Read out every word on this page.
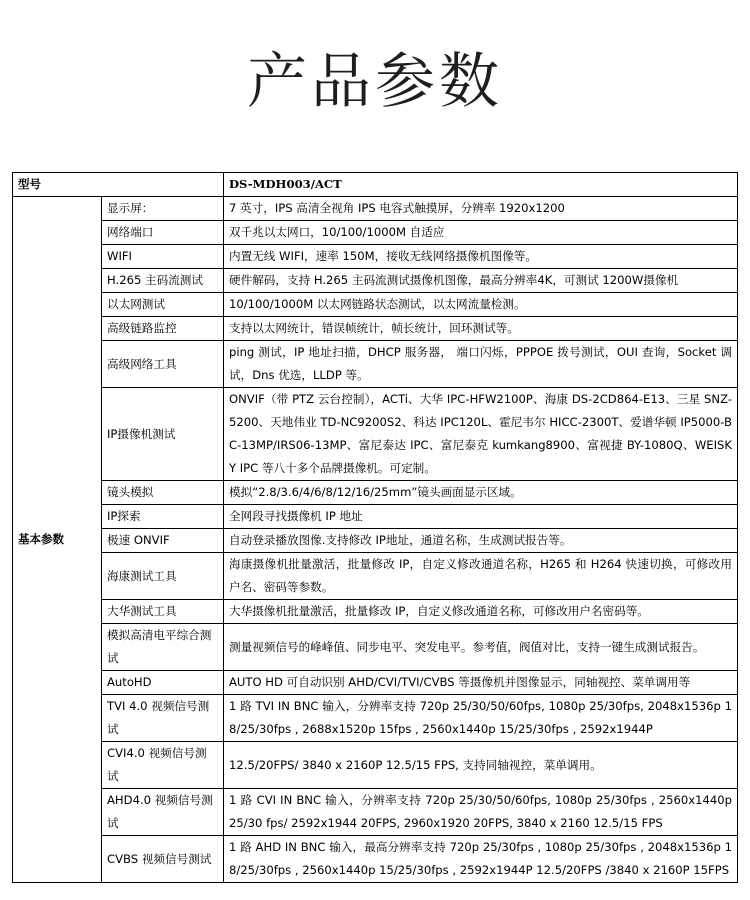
产品参数
型号		DS-MDH003/ACT
基本参数	显示屏：	7 英寸，IPS 高清全视角 IPS 电容式触摸屏，分辨率 1920x1200
	网络端口	双千兆以太网口，10/100/1000M 自适应
	WIFI	内置无线 WIFI，速率 150M，接收无线网络摄像机图像等。
	H.265 主码流测试	硬件解码，支持 H.265 主码流测试摄像机图像，最高分辨率4K，可测试 1200W摄像机
	以太网测试	10/100/1000M 以太网链路状态测试，以太网流量检测。
	高级链路监控	支持以太网统计，错误帧统计，帧长统计，回环测试等。
	高级网络工具	ping 测试，IP 地址扫描，DHCP 服务器， 端口闪烁，PPPOE 拨号测试，OUI 查询，Socket 调试，Dns 优选，LLDP 等。
	IP摄像机测试	ONVIF（带 PTZ 云台控制），ACTi、大华 IPC-HFW2100P、海康 DS-2CD864-E13、三星 SNZ-5200、天地伟业 TD-NC9200S2、科达 IPC120L、霍尼韦尔 HICC-2300T、爱谱华顿 IP5000-BC-13MP/IRS06-13MP、富尼泰达 IPC、富尼泰克 kumkang8900、富视捷 BY-1080Q、WEISKY IPC 等八十多个品牌摄像机。可定制。
	镜头模拟	模拟“2.8/3.6/4/6/8/12/16/25mm”镜头画面显示区域。
	IP探索	全网段寻找摄像机 IP 地址
	极速 ONVIF	自动登录播放图像.支持修改 IP地址，通道名称，生成测试报告等。
	海康测试工具	海康摄像机批量激活，批量修改 IP，自定义修改通道名称，H265 和 H264 快速切换，可修改用户名、密码等参数。
	大华测试工具	大华摄像机批量激活，批量修改 IP，自定义修改通道名称，可修改用户名密码等。
	模拟高清电平综合测试	测量视频信号的峰峰值、同步电平、突发电平。参考值，阀值对比，支持一键生成测试报告。
	AutoHD	AUTO HD 可自动识别 AHD/CVI/TVI/CVBS 等摄像机并图像显示，同轴视控、菜单调用等
	TVI 4.0 视频信号测试	1 路 TVI IN BNC 输入，分辨率支持 720p 25/30/50/60fps, 1080p 25/30fps, 2048x1536p 18/25/30fps , 2688x1520p 15fps , 2560x1440p 15/25/30fps , 2592x1944P
	CVI4.0 视频信号测试	12.5/20FPS/ 3840 x 2160P 12.5/15 FPS, 支持同轴视控，菜单调用。
	AHD4.0 视频信号测试	1 路 CVI IN BNC 输入，分辨率支持 720p 25/30/50/60fps, 1080p 25/30fps , 2560x1440p 25/30 fps/ 2592x1944 20FPS, 2960x1920 20FPS, 3840 x 2160 12.5/15 FPS
	CVBS 视频信号测试	1 路 AHD IN BNC 输入，最高分辨率支持 720p 25/30fps , 1080p 25/30fps , 2048x1536p 18/25/30fps , 2560x1440p 15/25/30fps , 2592x1944P 12.5/20FPS /3840 x 2160P 15FPS
